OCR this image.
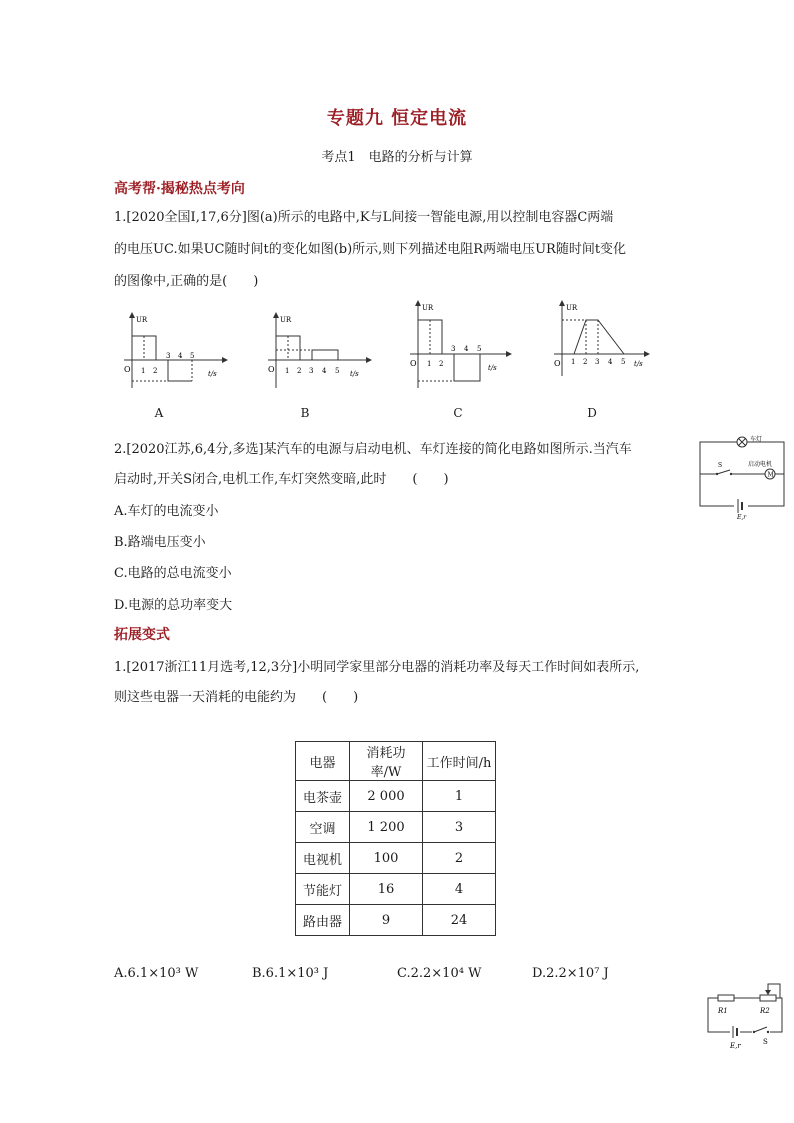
专题九 恒定电流
考点1　电路的分析与计算
高考帮·揭秘热点考向
1.[2020全国Ⅰ,17,6分]图(a)所示的电路中,K与L间接一智能电源,用以控制电容器C两端
的电压UC.如果UC随时间t的变化如图(b)所示,则下列描述电阻R两端电压UR随时间t变化
的图像中,正确的是(　　)
UR
t/s
O 1 2
3 4 5
A
UR
t/s
O 1 2 3 4 5
B
UR
t/s
O 1 2
3 4 5
C
UR
t/s
O 1 2 3 4 5
D
2.[2020江苏,6,4分,多选]某汽车的电源与启动电机、车灯连接的简化电路如图所示.当汽车
启动时,开关S闭合,电机工作,车灯突然变暗,此时　　(　　)
A.车灯的电流变小
B.路端电压变小
C.电路的总电流变小
D.电源的总功率变大
车灯
S
M
启动电机
E,r
拓展变式
1.[2017浙江11月选考,12,3分]小明同学家里部分电器的消耗功率及每天工作时间如表所示,
则这些电器一天消耗的电能约为　　(　　)
电器	消耗功率/W	工作时间/h
电茶壶	2 000	1
空调	1 200	3
电视机	100	2
节能灯	16	4
路由器	9	24
A.6.1×10³ W	B.6.1×10³ J	C.2.2×10⁴ W	D.2.2×10⁷ J
R1	R2
E,r	S
